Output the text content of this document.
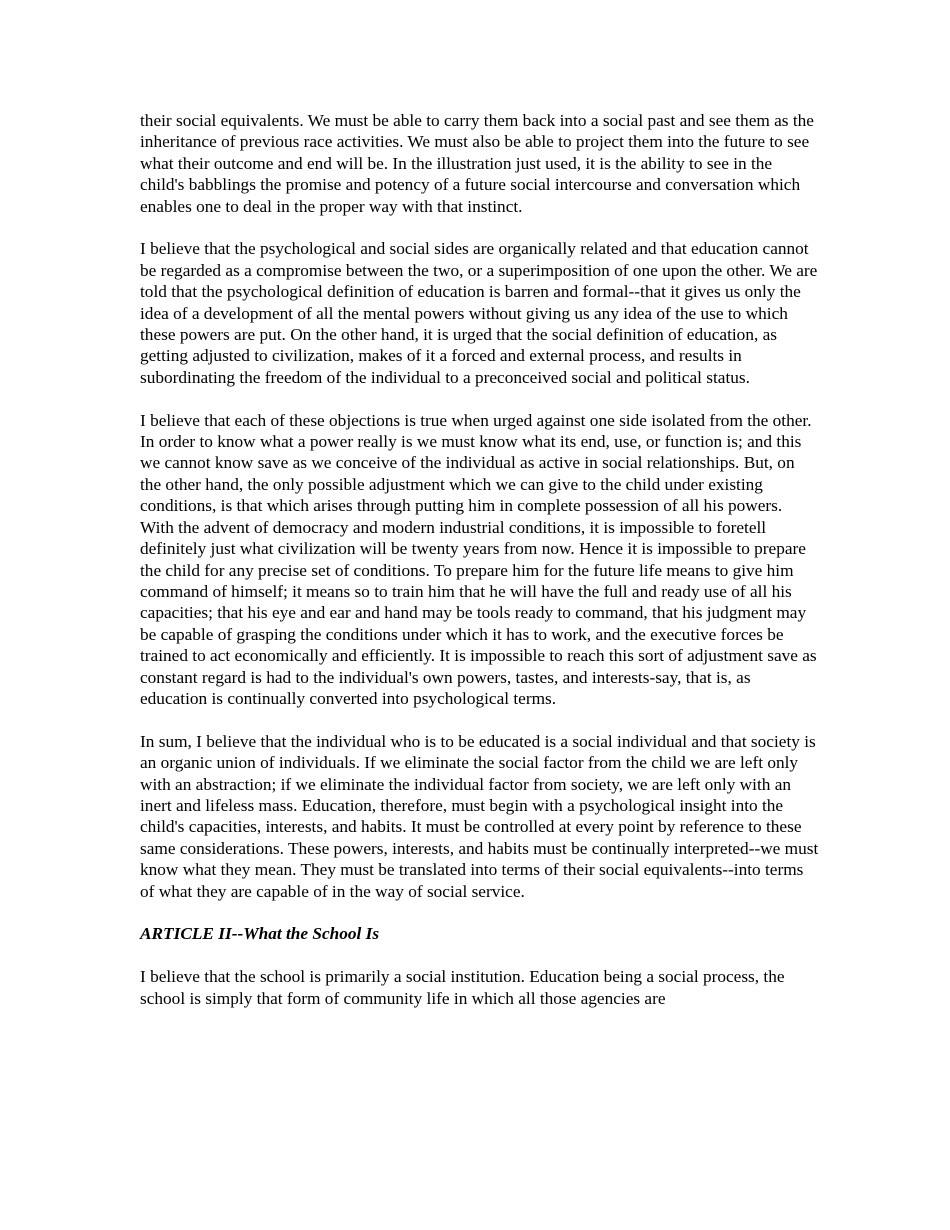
their social equivalents. We must be able to carry them back into a social past and see them as the inheritance of previous race activities. We must also be able to project them into the future to see what their outcome and end will be. In the illustration just used, it is the ability to see in the child's babblings the promise and potency of a future social intercourse and conversation which enables one to deal in the proper way with that instinct.

I believe that the psychological and social sides are organically related and that education cannot be regarded as a compromise between the two, or a superimposition of one upon the other. We are told that the psychological definition of education is barren and formal--that it gives us only the idea of a development of all the mental powers without giving us any idea of the use to which these powers are put. On the other hand, it is urged that the social definition of education, as getting adjusted to civilization, makes of it a forced and external process, and results in subordinating the freedom of the individual to a preconceived social and political status.

I believe that each of these objections is true when urged against one side isolated from the other. In order to know what a power really is we must know what its end, use, or function is; and this we cannot know save as we conceive of the individual as active in social relationships. But, on the other hand, the only possible adjustment which we can give to the child under existing conditions, is that which arises through putting him in complete possession of all his powers. With the advent of democracy and modern industrial conditions, it is impossible to foretell definitely just what civilization will be twenty years from now. Hence it is impossible to prepare the child for any precise set of conditions. To prepare him for the future life means to give him command of himself; it means so to train him that he will have the full and ready use of all his capacities; that his eye and ear and hand may be tools ready to command, that his judgment may be capable of grasping the conditions under which it has to work, and the executive forces be trained to act economically and efficiently. It is impossible to reach this sort of adjustment save as constant regard is had to the individual's own powers, tastes, and interests-say, that is, as education is continually converted into psychological terms.

In sum, I believe that the individual who is to be educated is a social individual and that society is an organic union of individuals. If we eliminate the social factor from the child we are left only with an abstraction; if we eliminate the individual factor from society, we are left only with an inert and lifeless mass. Education, therefore, must begin with a psychological insight into the child's capacities, interests, and habits. It must be controlled at every point by reference to these same considerations. These powers, interests, and habits must be continually interpreted--we must know what they mean. They must be translated into terms of their social equivalents--into terms of what they are capable of in the way of social service.

ARTICLE II--What the School Is

I believe that the school is primarily a social institution. Education being a social process, the school is simply that form of community life in which all those agencies are
